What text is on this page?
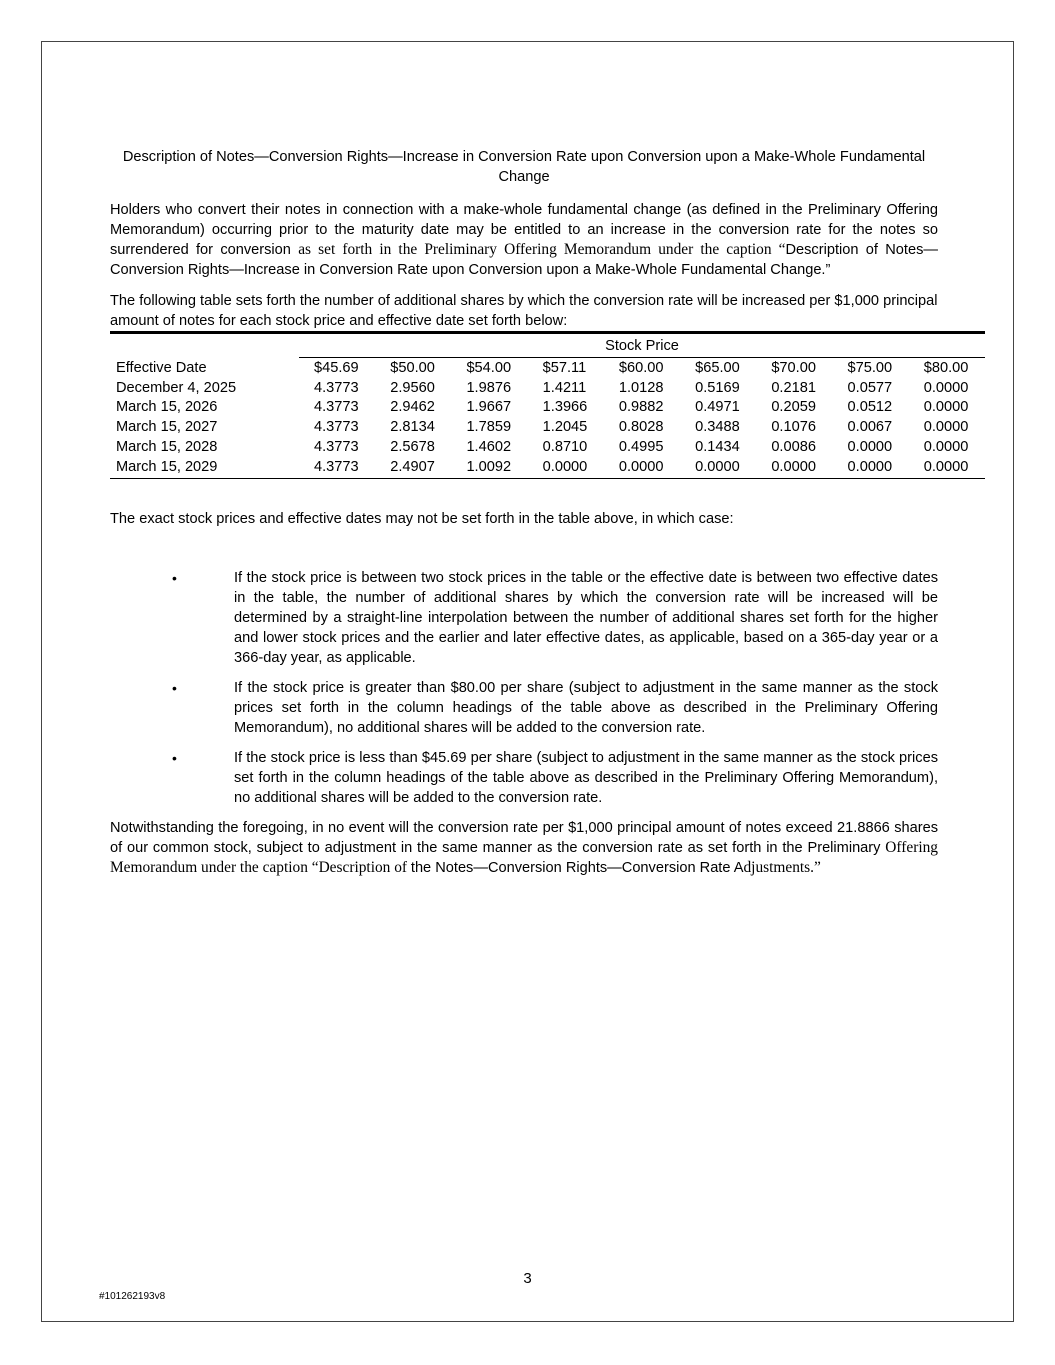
Description of Notes—Conversion Rights—Increase in Conversion Rate upon Conversion upon a Make-Whole Fundamental Change

Holders who convert their notes in connection with a make-whole fundamental change (as defined in the Preliminary Offering Memorandum) occurring prior to the maturity date may be entitled to an increase in the conversion rate for the notes so surrendered for conversion as set forth in the Preliminary Offering Memorandum under the caption “Description of Notes—Conversion Rights—Increase in Conversion Rate upon Conversion upon a Make-Whole Fundamental Change.”

The following table sets forth the number of additional shares by which the conversion rate will be increased per $1,000 principal amount of notes for each stock price and effective date set forth below:

	Stock Price								
Effective Date	$45.69	$50.00	$54.00	$57.11	$60.00	$65.00	$70.00	$75.00	$80.00
December 4, 2025	4.3773	2.9560	1.9876	1.4211	1.0128	0.5169	0.2181	0.0577	0.0000
March 15, 2026	4.3773	2.9462	1.9667	1.3966	0.9882	0.4971	0.2059	0.0512	0.0000
March 15, 2027	4.3773	2.8134	1.7859	1.2045	0.8028	0.3488	0.1076	0.0067	0.0000
March 15, 2028	4.3773	2.5678	1.4602	0.8710	0.4995	0.1434	0.0086	0.0000	0.0000
March 15, 2029	4.3773	2.4907	1.0092	0.0000	0.0000	0.0000	0.0000	0.0000	0.0000

The exact stock prices and effective dates may not be set forth in the table above, in which case:

•	If the stock price is between two stock prices in the table or the effective date is between two effective dates in the table, the number of additional shares by which the conversion rate will be increased will be determined by a straight-line interpolation between the number of additional shares set forth for the higher and lower stock prices and the earlier and later effective dates, as applicable, based on a 365-day year or a 366-day year, as applicable.
•	If the stock price is greater than $80.00 per share (subject to adjustment in the same manner as the stock prices set forth in the column headings of the table above as described in the Preliminary Offering Memorandum), no additional shares will be added to the conversion rate.
•	If the stock price is less than $45.69 per share (subject to adjustment in the same manner as the stock prices set forth in the column headings of the table above as described in the Preliminary Offering Memorandum), no additional shares will be added to the conversion rate.

Notwithstanding the foregoing, in no event will the conversion rate per $1,000 principal amount of notes exceed 21.8866 shares of our common stock, subject to adjustment in the same manner as the conversion rate as set forth in the Preliminary Offering Memorandum under the caption “Description of the Notes—Conversion Rights—Conversion Rate Adjustments.”

3
#101262193v8
